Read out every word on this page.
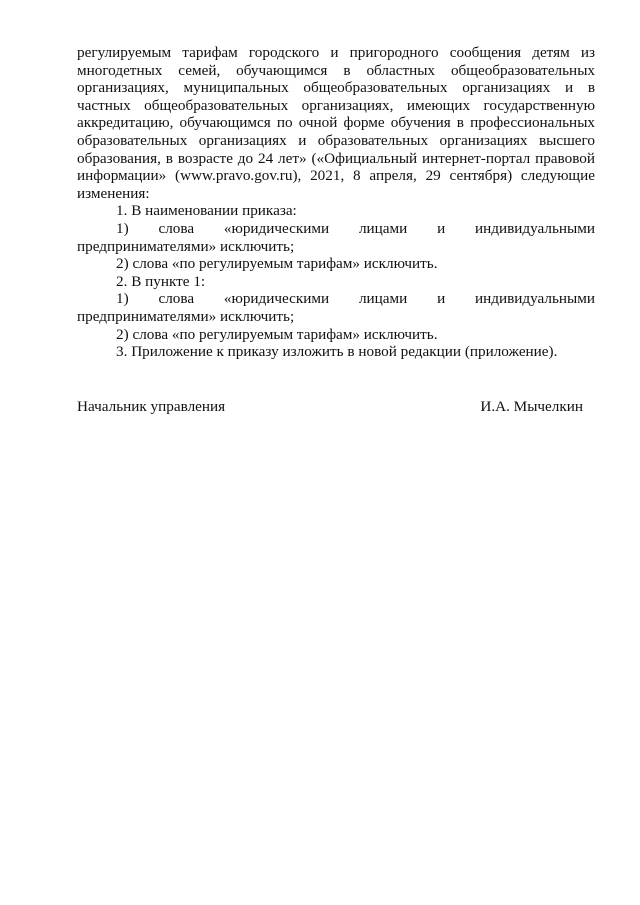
регулируемым тарифам городского и пригородного сообщения детям из многодетных семей, обучающимся в областных общеобразовательных организациях, муниципальных общеобразовательных организациях и в частных общеобразовательных организациях, имеющих государственную аккредитацию, обучающимся по очной форме обучения в профессиональных образовательных организациях и образовательных организациях высшего образования, в возрасте до 24 лет» («Официальный интернет-портал правовой информации» (www.pravo.gov.ru), 2021, 8 апреля, 29 сентября) следующие изменения:

1. В наименовании приказа:

1) слова «юридическими лицами и индивидуальными предпринимателями» исключить;

2) слова «по регулируемым тарифам» исключить.

2. В пункте 1:

1) слова «юридическими лицами и индивидуальными предпринимателями» исключить;

2) слова «по регулируемым тарифам» исключить.

3. Приложение к приказу изложить в новой редакции (приложение).

Начальник управления	И.А. Мычелкин
